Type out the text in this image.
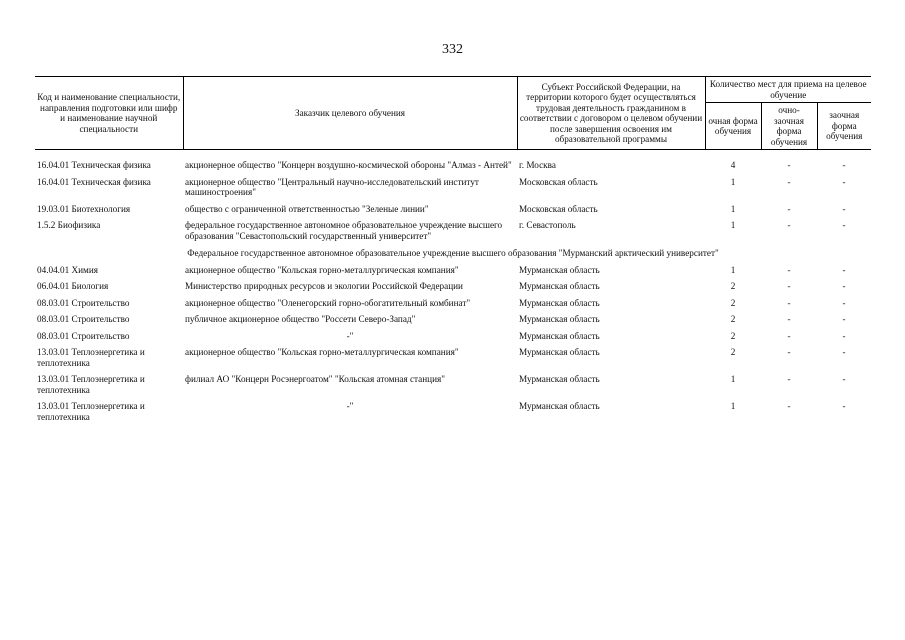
332
Код и наименование специальности, направления подготовки или шифр и наименование научной специальности	Заказчик целевого обучения	Субъект Российской Федерации, на территории которого будет осуществляться трудовая деятельность гражданином в соответствии с договором о целевом обучении после завершения освоения им образовательной программы	Количество мест для приема на целевое обучение		
			очная форма обучения	очно-заочная форма обучения	заочная форма обучения

16.04.01 Техническая физика	акционерное общество "Концерн воздушно-космической обороны "Алмаз - Антей"	г. Москва	4	-	-
16.04.01 Техническая физика	акционерное общество "Центральный научно-исследовательский институт машиностроения"	Московская область	1	-	-
19.03.01 Биотехнология	общество с ограниченной ответственностью "Зеленые линии"	Московская область	1	-	-
1.5.2 Биофизика	федеральное государственное автономное образовательное учреждение высшего образования "Севастопольский государственный университет"	г. Севастополь	1	-	-
Федеральное государственное автономное образовательное учреждение высшего образования "Мурманский арктический университет"					
04.04.01 Химия	акционерное общество "Кольская горно-металлургическая компания"	Мурманская область	1	-	-
06.04.01 Биология	Министерство природных ресурсов и экологии Российской Федерации	Мурманская область	2	-	-
08.03.01 Строительство	акционерное общество "Оленегорский горно-обогатительный комбинат"	Мурманская область	2	-	-
08.03.01 Строительство	публичное акционерное общество "Россети Северо-Запад"	Мурманская область	2	-	-
08.03.01 Строительство	-"	Мурманская область	2	-	-
13.03.01 Теплоэнергетика и теплотехника	акционерное общество "Кольская горно-металлургическая компания"	Мурманская область	2	-	-
13.03.01 Теплоэнергетика и теплотехника	филиал АО "Концерн Росэнергоатом" "Кольская атомная станция"	Мурманская область	1	-	-
13.03.01 Теплоэнергетика и теплотехника	-"	Мурманская область	1	-	-
